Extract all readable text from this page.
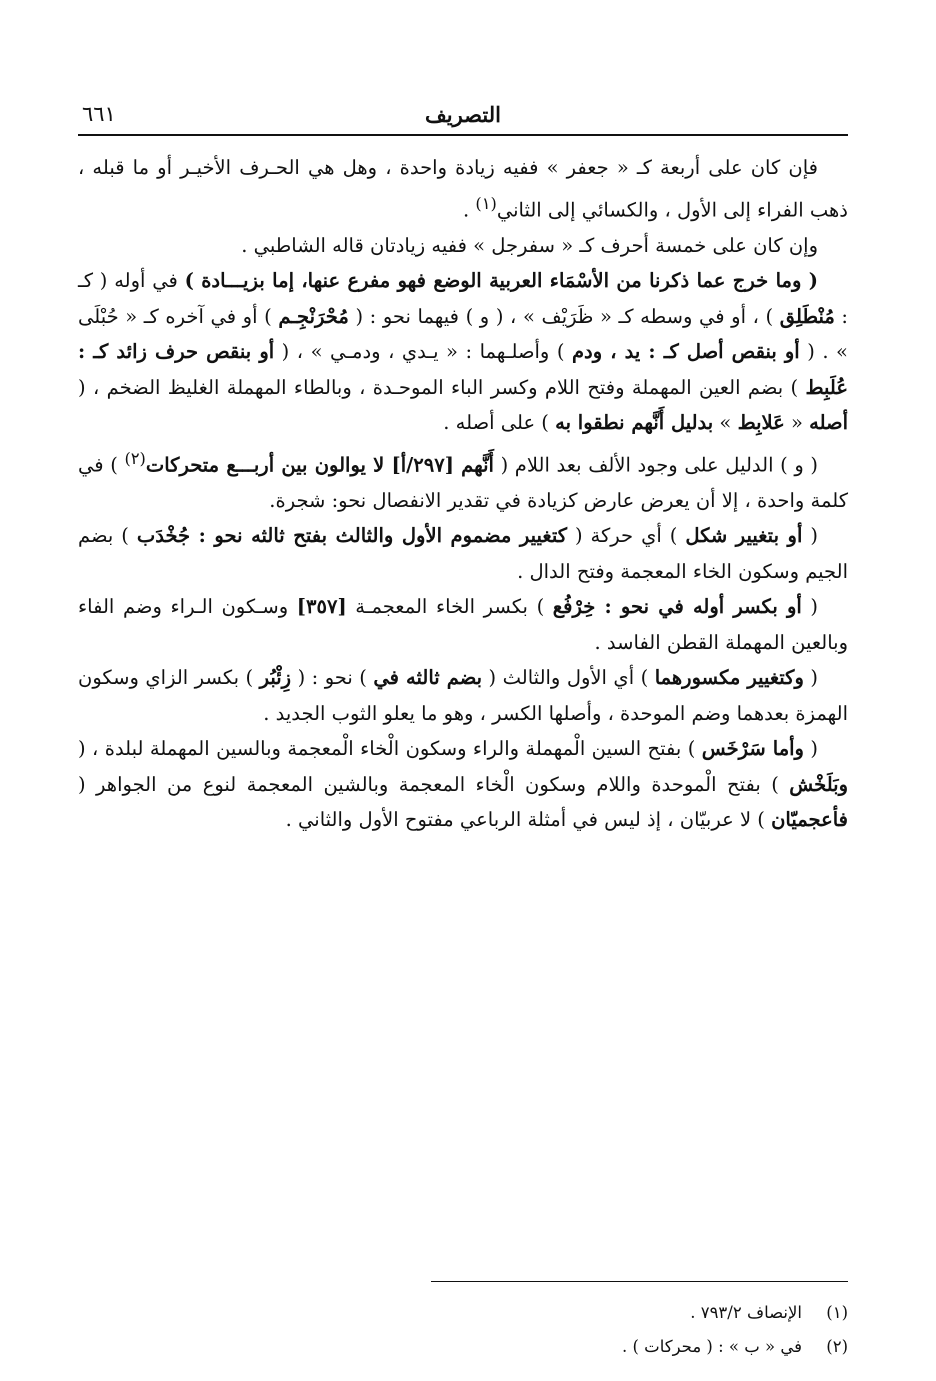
التصريف
٦٦١

فإن كان على أربعة كـ « جعفر » ففيه زيادة واحدة ، وهل هي الحـرف الأخيـر أو ما قبله ، ذهب الفراء إلى الأول ، والكسائي إلى الثاني$^{(١)}$ .

وإن كان على خمسة أحرف كـ « سفرجل » ففيه زيادتان قاله الشاطبي .

( وما خرج عما ذكرنا من الأسْمَاء العربية الوضع فهو مفرع عنها، إما بزيـــادة ) في أوله ( كـ : مُنْطَلِق ) ، أو في وسطه كـ « ظَرَيْف » ، ( و ) فيهما نحو : ( مُحْرَنْجِـم ) أو في آخره كـ « حُبْلَى » . ( أو بنقص أصل كـ : يد ، ودم ) وأصلـهما : « يـدي ، ودمـي » ، ( أو بنقص حرف زائد كـ : عُلَبِط ) بضم العين المهملة وفتح اللام وكسر الباء الموحـدة ، وبالطاء المهملة الغليظ الضخم ، ( أصله « عَلابِط » بدليل أَنَّهم نطقوا به ) على أصله .

( و ) الدليل على وجود الألف بعد اللام ( أَنَّهم [٢٩٧/أ] لا يوالون بين أربـــع متحركات$^{(٢)}$ ) في كلمة واحدة ، إلا أن يعرض عارض كزيادة في تقدير الانفصال نحو: شجرة.

( أو بتغيير شكل ) أي حركة ( كتغيير مضموم الأول والثالث بفتح ثالثه نحو : جُخْدَب ) بضم الجيم وسكون الخاء المعجمة وفتح الدال .

( أو بكسر أوله في نحو : خِرْفُع ) بكسر الخاء المعجمـة [٣٥٧] وسـكون الـراء وضم الفاء وبالعين المهملة القطن الفاسد .

( وكتغيير مكسورهما ) أي الأول والثالث ( بضم ثالثه في ) نحو : ( زِئْبُر ) بكسر الزاي وسكون الهمزة بعدهما وضم الموحدة ، وأصلها الكسر ، وهو ما يعلو الثوب الجديد .

( وأما سَرْخَس ) بفتح السين الْمهملة والراء وسكون الْخاء الْمعجمة وبالسين المهملة لبلدة ، ( وبَلَخْش ) بفتح الْموحدة واللام وسكون الْخاء المعجمة وبالشين المعجمة لنوع من الجواهر ( فأعجميّان ) لا عربيّان ، إذ ليس في أمثلة الرباعي مفتوح الأول والثاني .

(١)الإنصاف ٧٩٣/٢ .
(٢)في « ب » : ( محركات ) .
